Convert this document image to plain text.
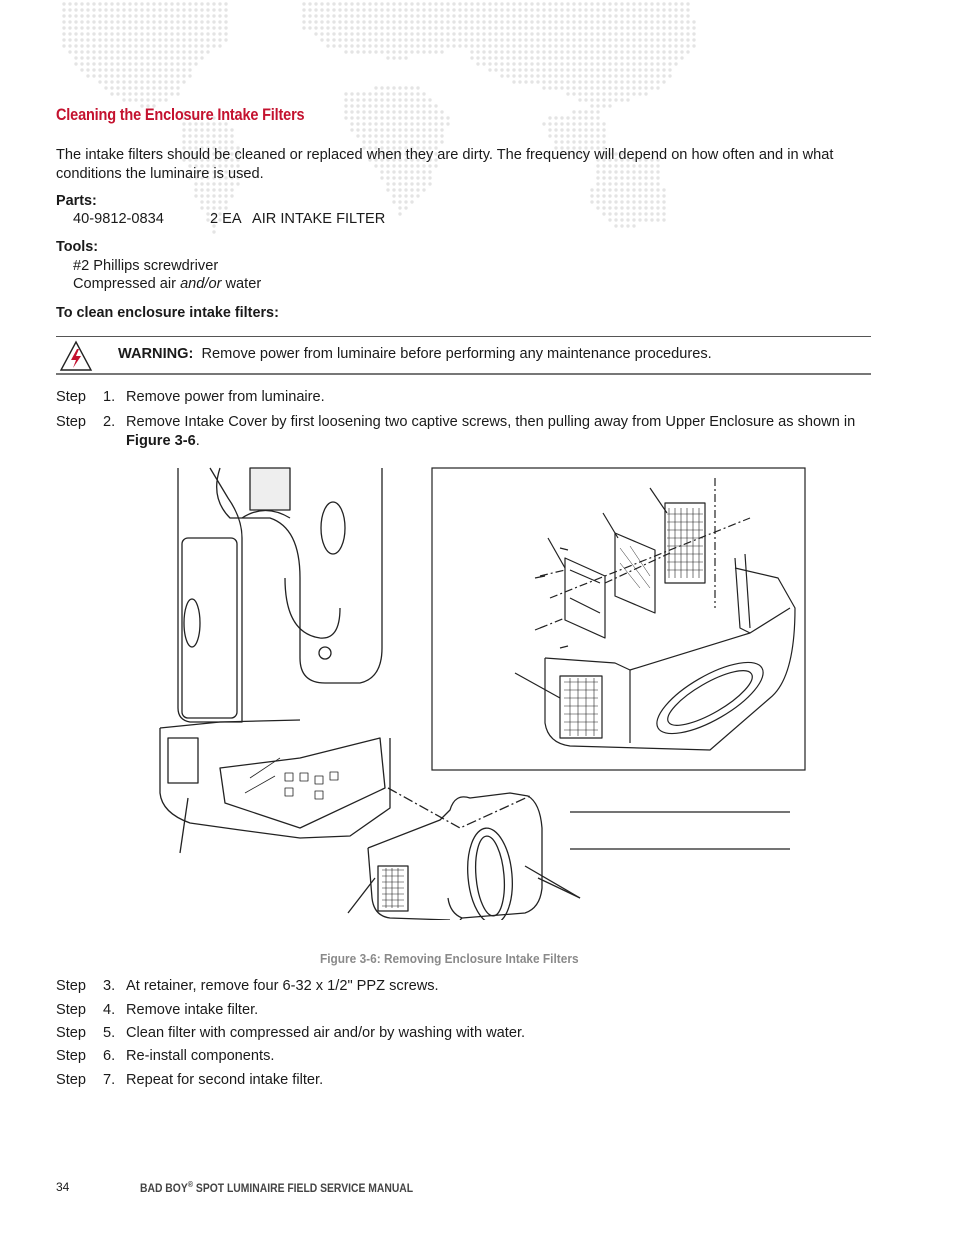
Cleaning the Enclosure Intake Filters
The intake filters should be cleaned or replaced when they are dirty. The frequency will depend on how often and in what conditions the luminaire is used.
Parts:
40-9812-0834	2 EA AIR INTAKE FILTER
Tools:
#2 Phillips screwdriver
Compressed air and/or water
To clean enclosure intake filters:
WARNING: Remove power from luminaire before performing any maintenance procedures.
Step 1. Remove power from luminaire.
Step 2. Remove Intake Cover by first loosening two captive screws, then pulling away from Upper Enclosure as shown in Figure 3-6.
Figure 3-6: Removing Enclosure Intake Filters
Step 3. At retainer, remove four 6-32 x 1/2" PPZ screws.
Step 4. Remove intake filter.
Step 5. Clean filter with compressed air and/or by washing with water.
Step 6. Re-install components.
Step 7. Repeat for second intake filter.
34	BAD BOY® SPOT LUMINAIRE FIELD SERVICE MANUAL
